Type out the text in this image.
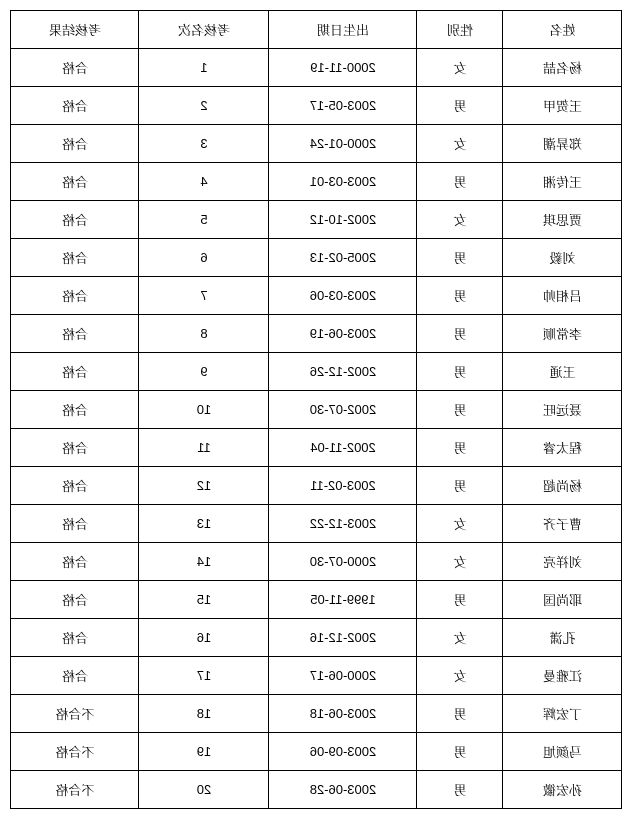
姓名	性别	出生日期	考核名次	考核结果
杨名喆	女	2000-11-19	1	合格
王贺甲	男	2003-05-17	2	合格
郑昇潮	女	2000-01-24	3	合格
王传湘	男	2003-03-01	4	合格
贾思琪	女	2002-10-12	5	合格
刘毅	男	2005-02-13	6	合格
吕相帅	男	2003-03-06	7	合格
李常顺	男	2003-06-19	8	合格
王通	男	2002-12-26	9	合格
聂远旺	男	2002-07-30	10	合格
程太睿	男	2002-11-04	11	合格
杨尚超	男	2003-02-11	12	合格
曹子齐	女	2003-12-22	13	合格
刘祥亮	女	2000-07-30	14	合格
耶尚国	男	1999-11-05	15	合格
孔潇	女	2002-12-16	16	合格
江雅曼	女	2000-06-17	17	合格
丁宏辉	男	2003-06-18	18	不合格
马颜旭	男	2003-09-06	19	不合格
孙宏徽	男	2003-06-28	20	不合格
